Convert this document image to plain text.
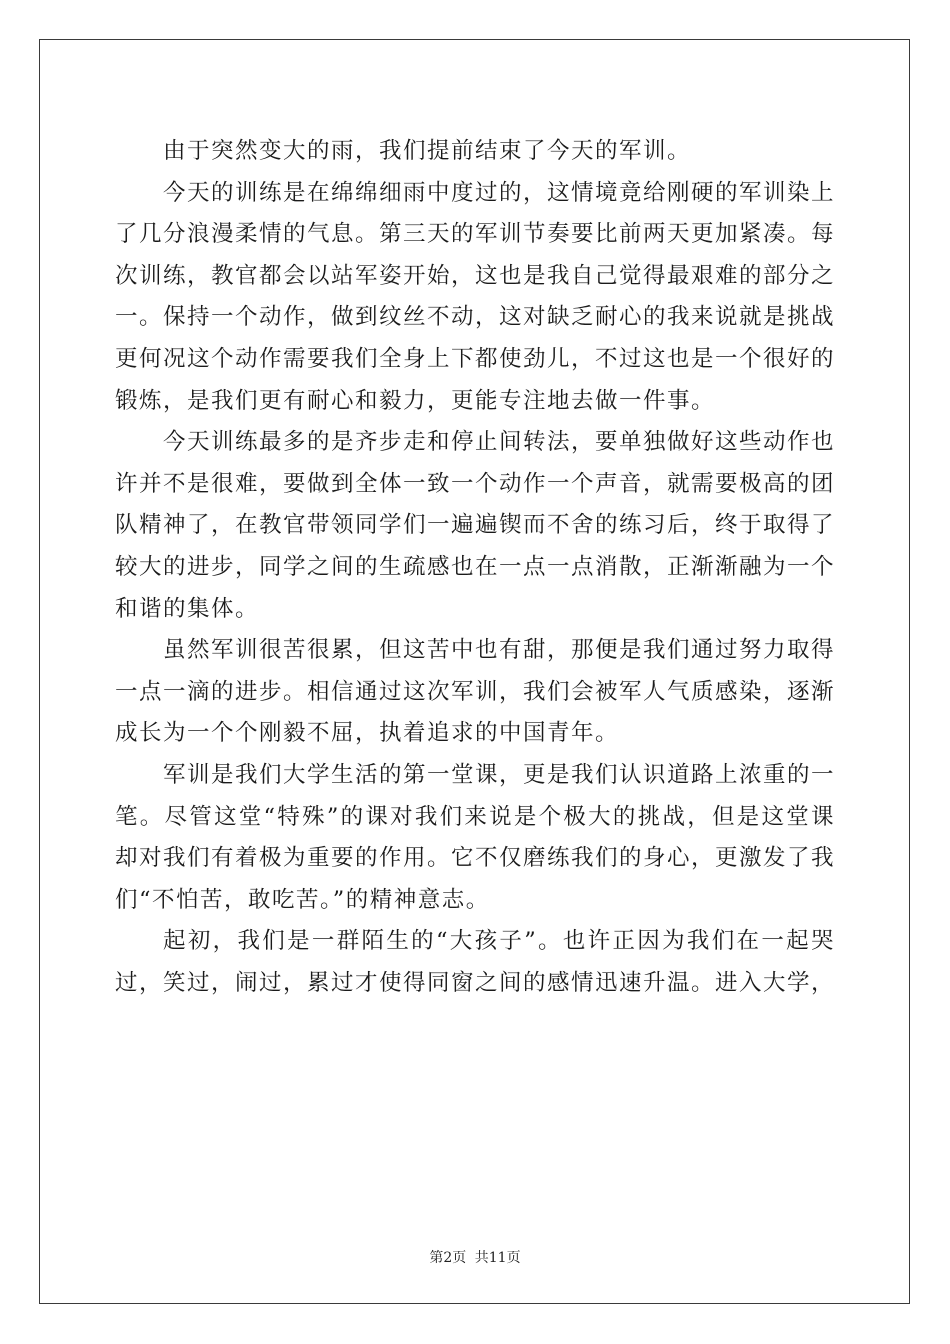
由于突然变大的雨，我们提前结束了今天的军训。

今天的训练是在绵绵细雨中度过的，这情境竟给刚硬的军训染上了几分浪漫柔情的气息。第三天的军训节奏要比前两天更加紧凑。每次训练，教官都会以站军姿开始，这也是我自己觉得最艰难的部分之一。保持一个动作，做到纹丝不动，这对缺乏耐心的我来说就是挑战更何况这个动作需要我们全身上下都使劲儿，不过这也是一个很好的锻炼，是我们更有耐心和毅力，更能专注地去做一件事。

今天训练最多的是齐步走和停止间转法，要单独做好这些动作也许并不是很难，要做到全体一致一个动作一个声音，就需要极高的团队精神了，在教官带领同学们一遍遍锲而不舍的练习后，终于取得了较大的进步，同学之间的生疏感也在一点一点消散，正渐渐融为一个和谐的集体。

虽然军训很苦很累，但这苦中也有甜，那便是我们通过努力取得一点一滴的进步。相信通过这次军训，我们会被军人气质感染，逐渐成长为一个个刚毅不屈，执着追求的中国青年。

军训是我们大学生活的第一堂课，更是我们认识道路上浓重的一笔。尽管这堂“特殊”的课对我们来说是个极大的挑战，但是这堂课却对我们有着极为重要的作用。它不仅磨练我们的身心，更激发了我们“不怕苦，敢吃苦。”的精神意志。

起初，我们是一群陌生的“大孩子”。也许正因为我们在一起哭过，笑过，闹过，累过才使得同窗之间的感情迅速升温。进入大学，

第2页 共11页
